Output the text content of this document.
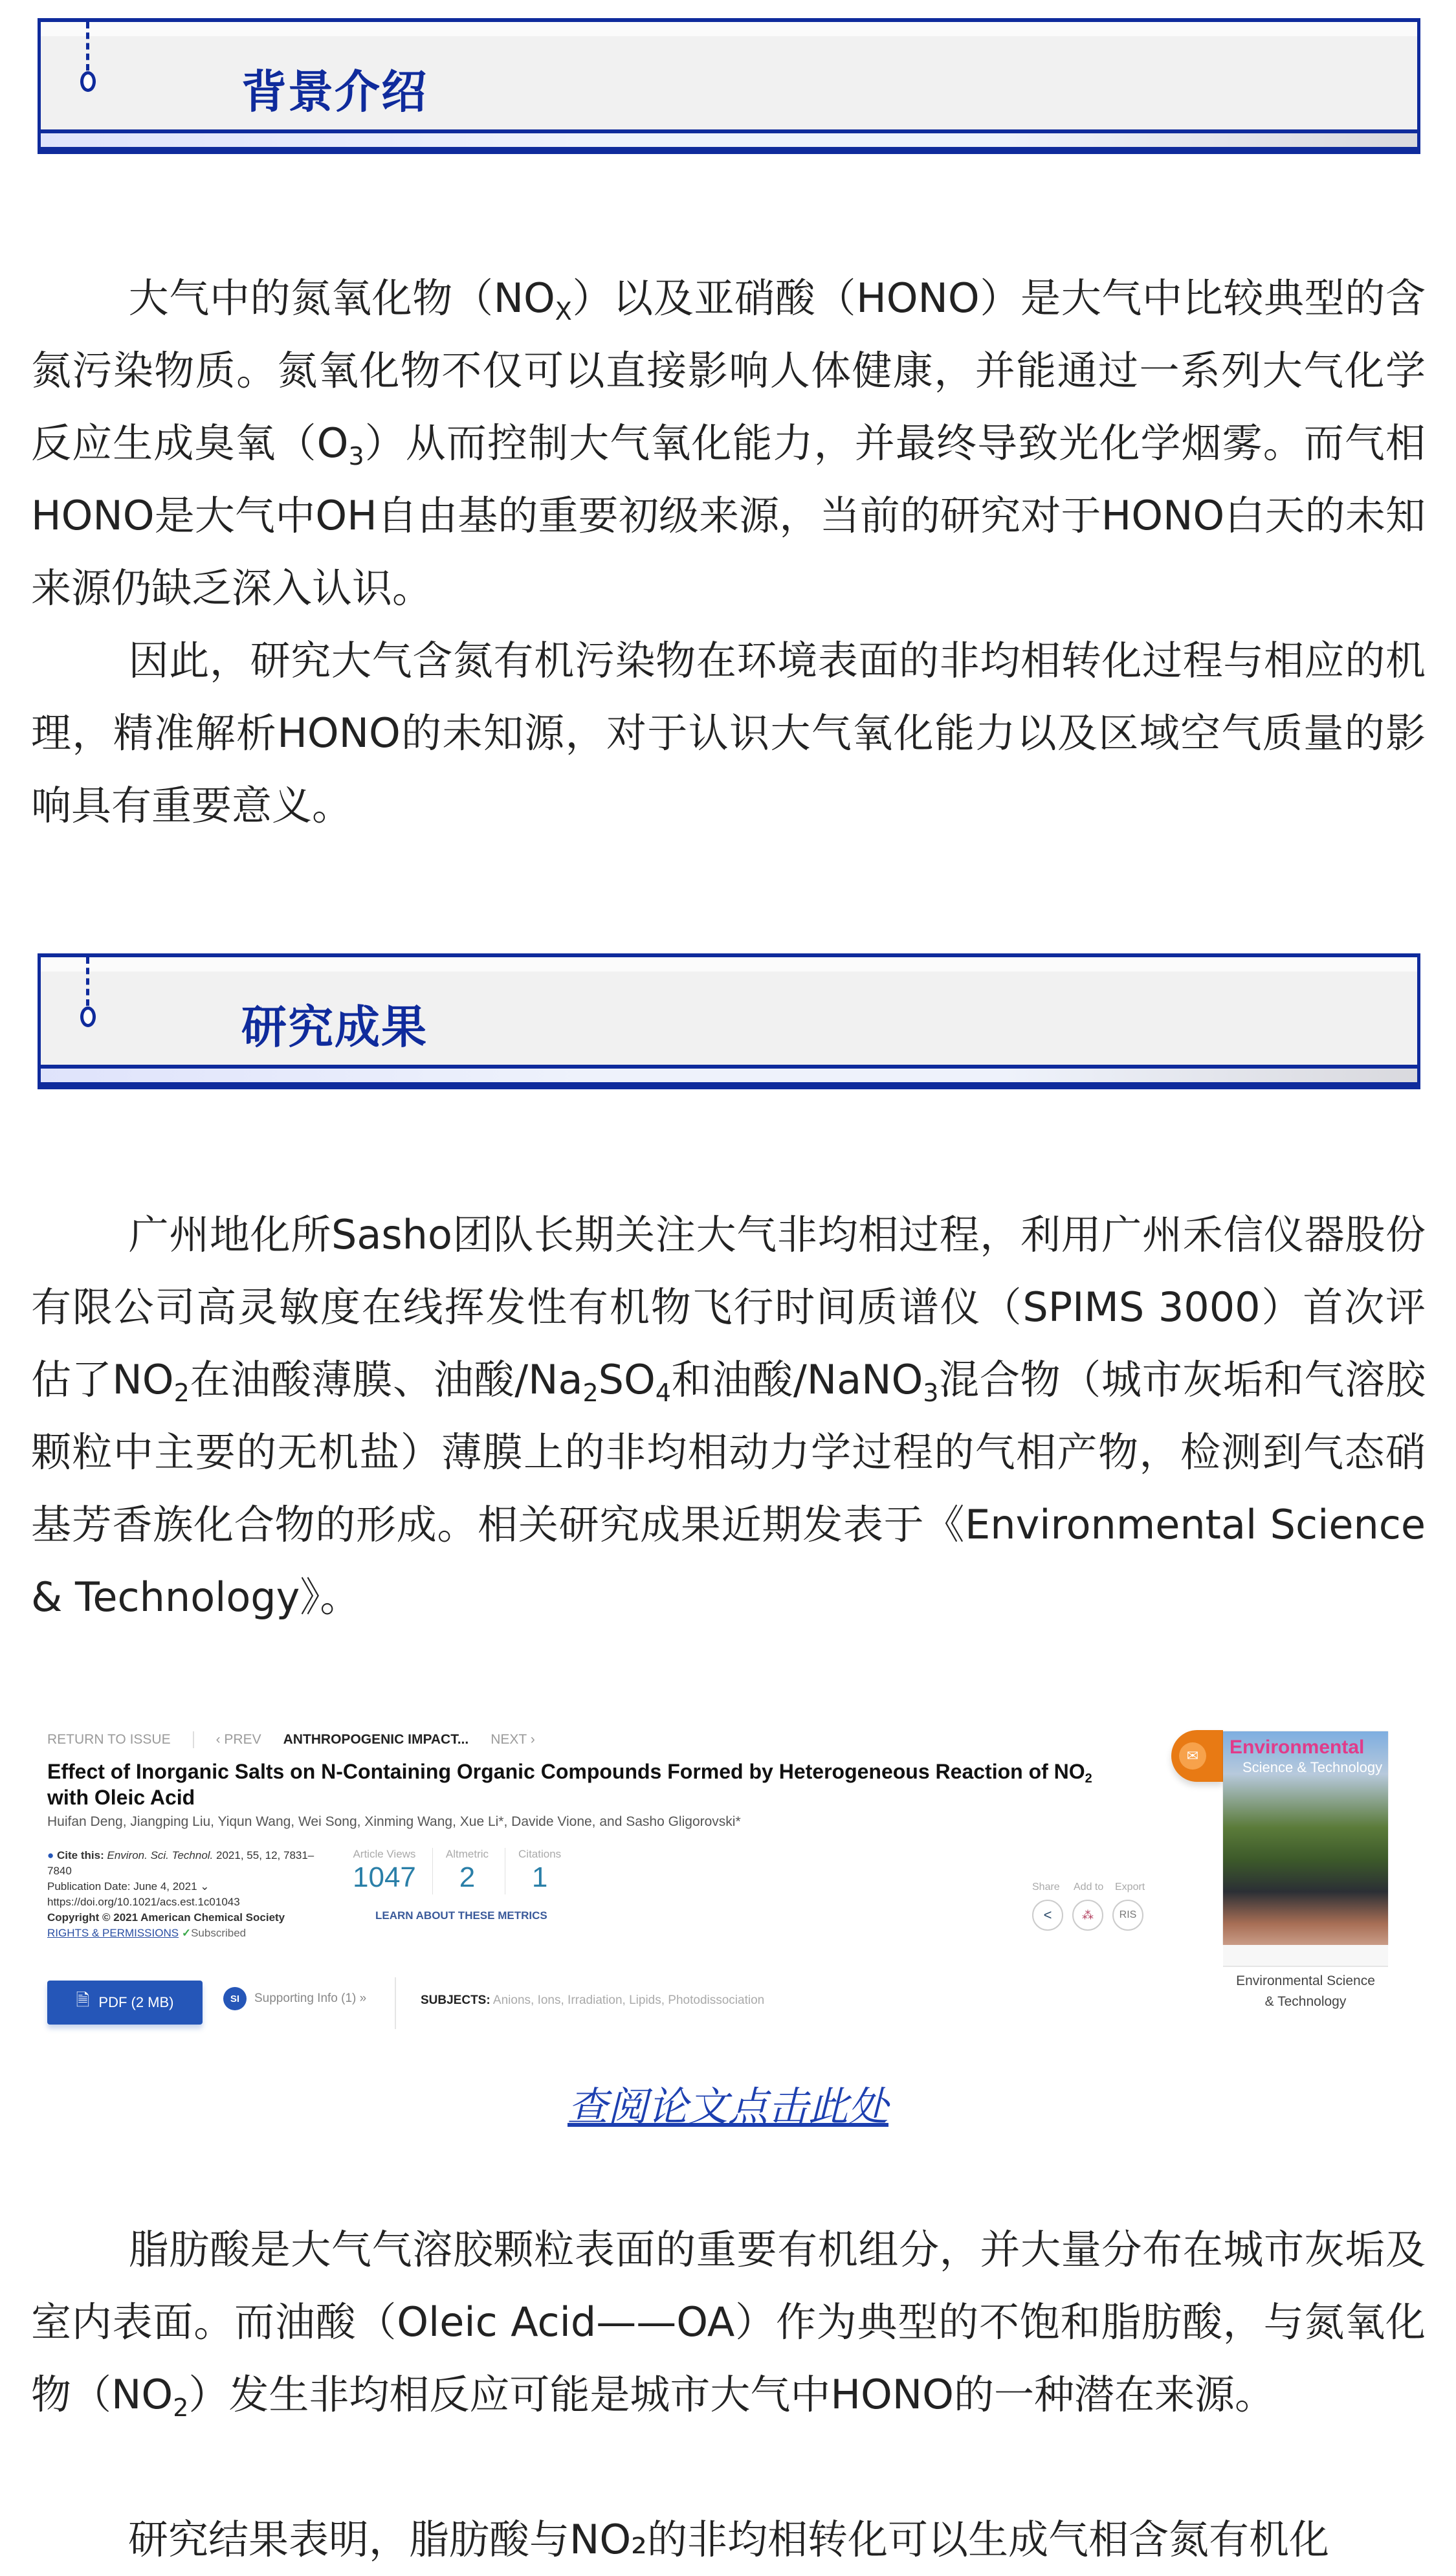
背景介绍

大气中的氮氧化物$(NO_X)$以及亚硝酸（HONO）是大气中比较典型的含氮污染物质。氮氧化物不仅可以直接影响人体健康，并能通过一系列大气化学反应生成臭氧$(O_3)$从而控制大气氧化能力，并最终导致光化学烟雾。而气相HONO是大气中OH自由基的重要初级来源，当前的研究对于HONO白天的未知来源仍缺乏深入认识。

因此，研究大气含氮有机污染物在环境表面的非均相转化过程与相应的机理，精准解析HONO的未知源，对于认识大气氧化能力以及区域空气质量的影响具有重要意义。

研究成果

广州地化所Sasho团队长期关注大气非均相过程，利用广州禾信仪器股份有限公司高灵敏度在线挥发性有机物飞行时间质谱仪（SPIMS 3000）首次评估了$NO_2$在油酸薄膜、油酸$/Na_2SO_4$和油酸/NaNO$_3$混合物（城市灰垢和气溶胶颗粒中主要的无机盐）薄膜上的非均相动力学过程的气相产物，检测到气态硝基芳香族化合物的形成。相关研究成果近期发表于《Environmental Science & Technology》。

RETURN TO ISSUE	‹ PREV ANTHROPOGENIC IMPACT... NEXT ›
Effect of Inorganic Salts on N-Containing Organic Compounds Formed by Heterogeneous Reaction of $NO_2$
with Oleic Acid
Huifan Deng, Jiangping Liu, Yiqun Wang, Wei Song, Xinming Wang, Xue Li*, Davide Vione, and Sasho Gligorovski*
● Cite this: Environ. Sci. Technol. 2021, 55, 12, 7831–7840
Publication Date: June 4, 2021 ⌄
https://doi.org/10.1021/acs.est.1c01043
Copyright © 2021 American Chemical Society
RIGHTS & PERMISSIONS ✓Subscribed
Article Views
1047
Altmetric
2
Citations
1
LEARN ABOUT THESE METRICS
Share Add to Export
<	⁂	RIS
🗎 PDF (2 MB)	SI	Supporting Info (1) »	SUBJECTS: Anions, Ions, Irradiation, Lipids, Photodissociation
✉	Environmental
Science & Technology
Environmental Science
& Technology
查阅论文点击此处

脂肪酸是大气气溶胶颗粒表面的重要有机组分，并大量分布在城市灰垢及室内表面。而油酸（Oleic Acid——OA）作为典型的不饱和脂肪酸，与氮氧化物$(NO_2)$发生非均相反应可能是城市大气中HONO的一种潜在来源。

研究结果表明，脂肪酸与NO₂的非均相转化可以生成气相含氮有机化
